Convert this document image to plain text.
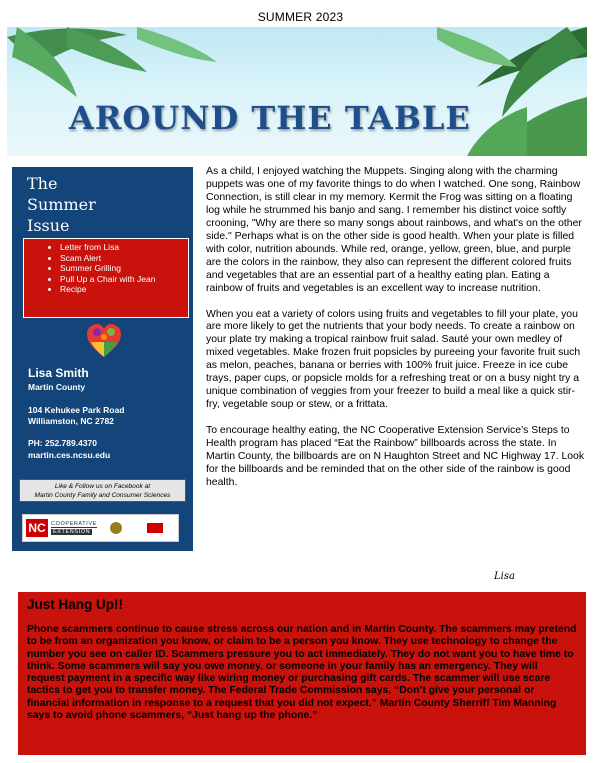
SUMMER 2023
AROUND THE TABLE
The
Summer
Issue
• Letter from Lisa
• Scam Alert
• Summer Grilling
• Pull Up a Chair with Jean
• Recipe
Lisa Smith
Martin County
104 Kehukee Park Road
Williamston, NC 2782
PH: 252.789.4370
martin.ces.ncsu.edu
Like & Follow us on Facebook at
Martin County Family and Consumer Sciences
NC COOPERATIVE
EXTENSION

As a child, I enjoyed watching the Muppets. Singing along with the charming puppets was one of my favorite things to do when I watched. One song, Rainbow Connection, is still clear in my memory. Kermit the Frog was sitting on a floating log while he strummed his banjo and sang. I remember his distinct voice softly crooning, "Why are there so many songs about rainbows, and what's on the other side." Perhaps what is on the other side is good health. When your plate is filled with color, nutrition abounds. While red, orange, yellow, green, blue, and purple are the colors in the rainbow, they also can represent the different colored fruits and vegetables that are an essential part of a healthy eating plan. Eating a rainbow of fruits and vegetables is an excellent way to increase nutrition.

When you eat a variety of colors using fruits and vegetables to fill your plate, you are more likely to get the nutrients that your body needs. To create a rainbow on your plate try making a tropical rainbow fruit salad. Sauté your own medley of mixed vegetables. Make frozen fruit popsicles by pureeing your favorite fruit such as melon, peaches, banana or berries with 100% fruit juice. Freeze in ice cube trays, paper cups, or popsicle molds for a refreshing treat or on a busy night try a unique combination of veggies from your freezer to build a meal like a quick stir-fry, vegetable soup or stew, or a frittata.

To encourage healthy eating, the NC Cooperative Extension Service’s Steps to Health program has placed “Eat the Rainbow” billboards across the state. In Martin County, the billboards are on N Haughton Street and NC Highway 17. Look for the billboards and be reminded that on the other side of the rainbow is good health.

Lisa
Just Hang Up!!
Phone scammers continue to cause stress across our nation and in Martin County. The scammers may pretend to be from an organization you know, or claim to be a person you know. They use technology to change the number you see on caller ID. Scammers pressure you to act immediately. They do not want you to have time to think. Some scammers will say you owe money, or someone in your family has an emergency. They will request payment in a specific way like wiring money or purchasing gift cards. The scammer will use scare tactics to get you to transfer money. The Federal Trade Commission says, “Don’t give your personal or financial information in response to a request that you did not expect.” Martin County Sherriff Tim Manning says to avoid phone scammers, “Just hang up the phone.”
